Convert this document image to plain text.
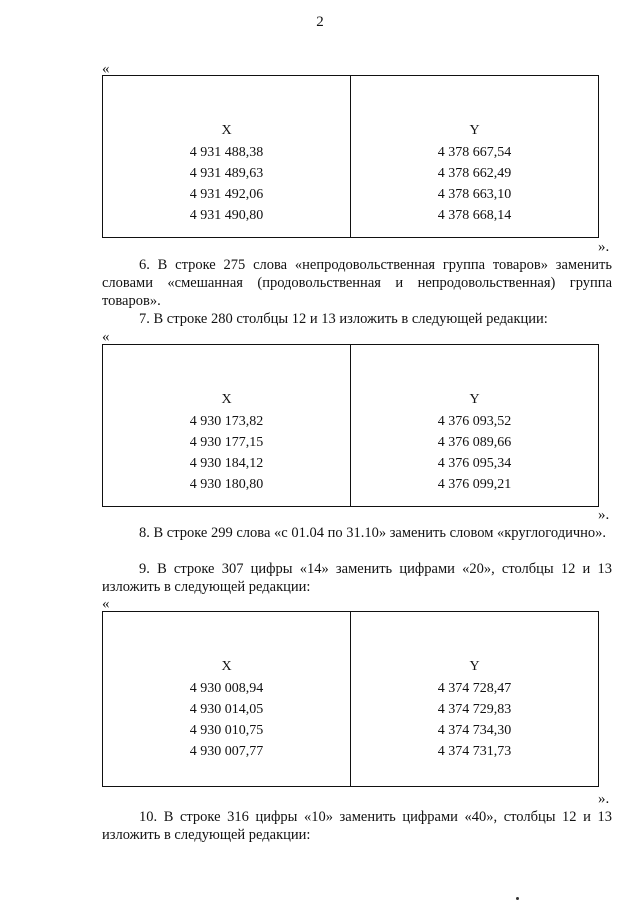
2
«
X
4 931 488,38
4 931 489,63
4 931 492,06
4 931 490,80
Y
4 378 667,54
4 378 662,49
4 378 663,10
4 378 668,14
».
6. В строке 275 слова «непродовольственная группа товаров» заменить словами «смешанная (продовольственная и непродовольственная) группа товаров».
7. В строке 280 столбцы 12 и 13 изложить в следующей редакции:
«
X
4 930 173,82
4 930 177,15
4 930 184,12
4 930 180,80
Y
4 376 093,52
4 376 089,66
4 376 095,34
4 376 099,21
».
8. В строке 299 слова «с 01.04 по 31.10» заменить словом «круглогодично».
9. В строке 307 цифры «14» заменить цифрами «20», столбцы 12 и 13 изложить в следующей редакции:
«
X
4 930 008,94
4 930 014,05
4 930 010,75
4 930 007,77
Y
4 374 728,47
4 374 729,83
4 374 734,30
4 374 731,73
».
10. В строке 316 цифры «10» заменить цифрами «40», столбцы 12 и 13 изложить в следующей редакции:
